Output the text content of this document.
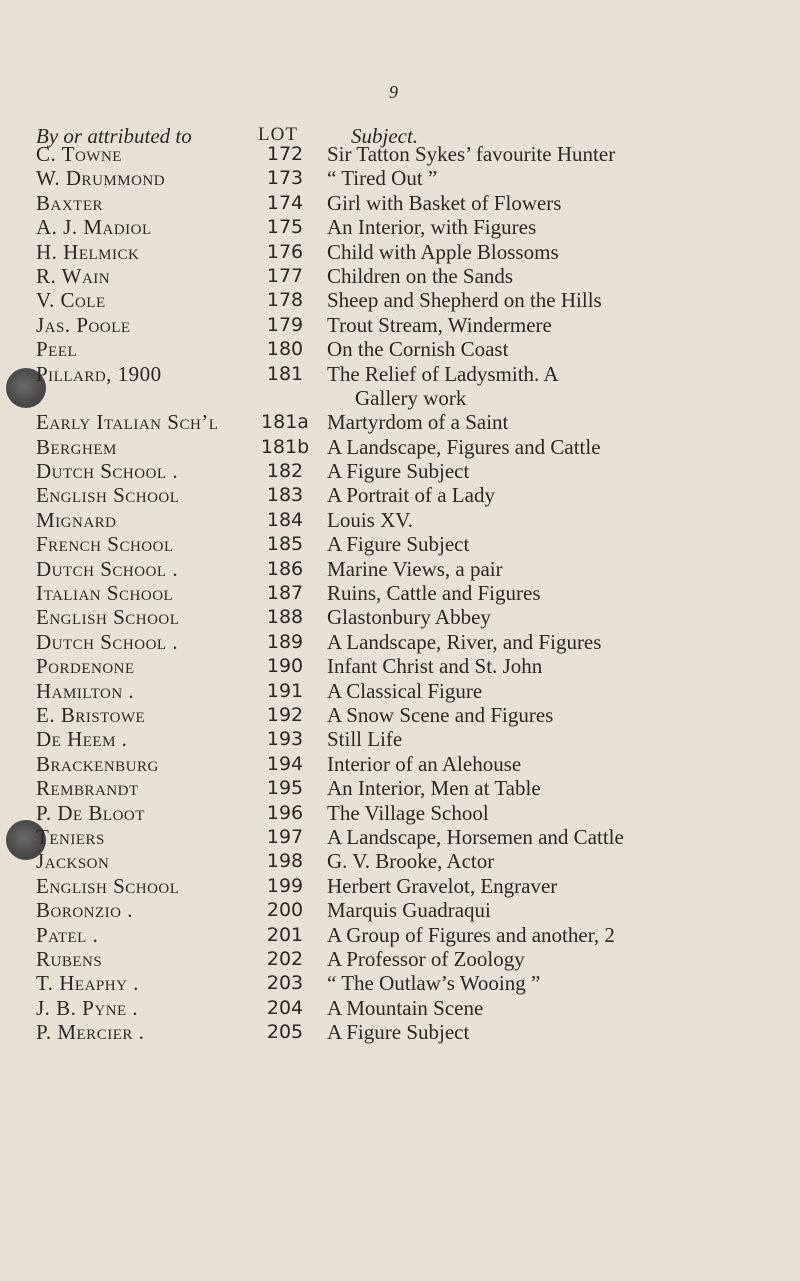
9
By or attributed to	LOT	Subject.
C. Towne	172	Sir Tatton Sykes’ favourite Hunter
W. Drummond	173	“ Tired Out ”
Baxter	174	Girl with Basket of Flowers
A. J. Madiol	175	An Interior, with Figures
H. Helmick	176	Child with Apple Blossoms
R. Wain	177	Children on the Sands
V. Cole	178	Sheep and Shepherd on the Hills
Jas. Poole	179	Trout Stream, Windermere
Peel	180	On the Cornish Coast
Pillard, 1900	181	The Relief of Ladysmith. A
Gallery work
Early Italian Sch’l	181a Martyrdom of a Saint
Berghem	181b A Landscape, Figures and Cattle
Dutch School .	182	A Figure Subject
English School	183	A Portrait of a Lady
Mignard	184	Louis XV.
French School	185	A Figure Subject
Dutch School .	186	Marine Views, a pair
Italian School	187	Ruins, Cattle and Figures
English School	188	Glastonbury Abbey
Dutch School .	189	A Landscape, River, and Figures
Pordenone	190	Infant Christ and St. John
Hamilton .	191	A Classical Figure
E. Bristowe	192	A Snow Scene and Figures
De Heem .	193	Still Life
Brackenburg	194	Interior of an Alehouse
Rembrandt	195	An Interior, Men at Table
P. De Bloot	196	The Village School
Teniers	197	A Landscape, Horsemen and Cattle
Jackson	198	G. V. Brooke, Actor
English School	199	Herbert Gravelot, Engraver
Boronzio .	200	Marquis Guadraqui
Patel .	201	A Group of Figures and another, 2
Rubens	202	A Professor of Zoology
T. Heaphy .	203	“ The Outlaw’s Wooing ”
J. B. Pyne .	204	A Mountain Scene
P. Mercier .	205	A Figure Subject
